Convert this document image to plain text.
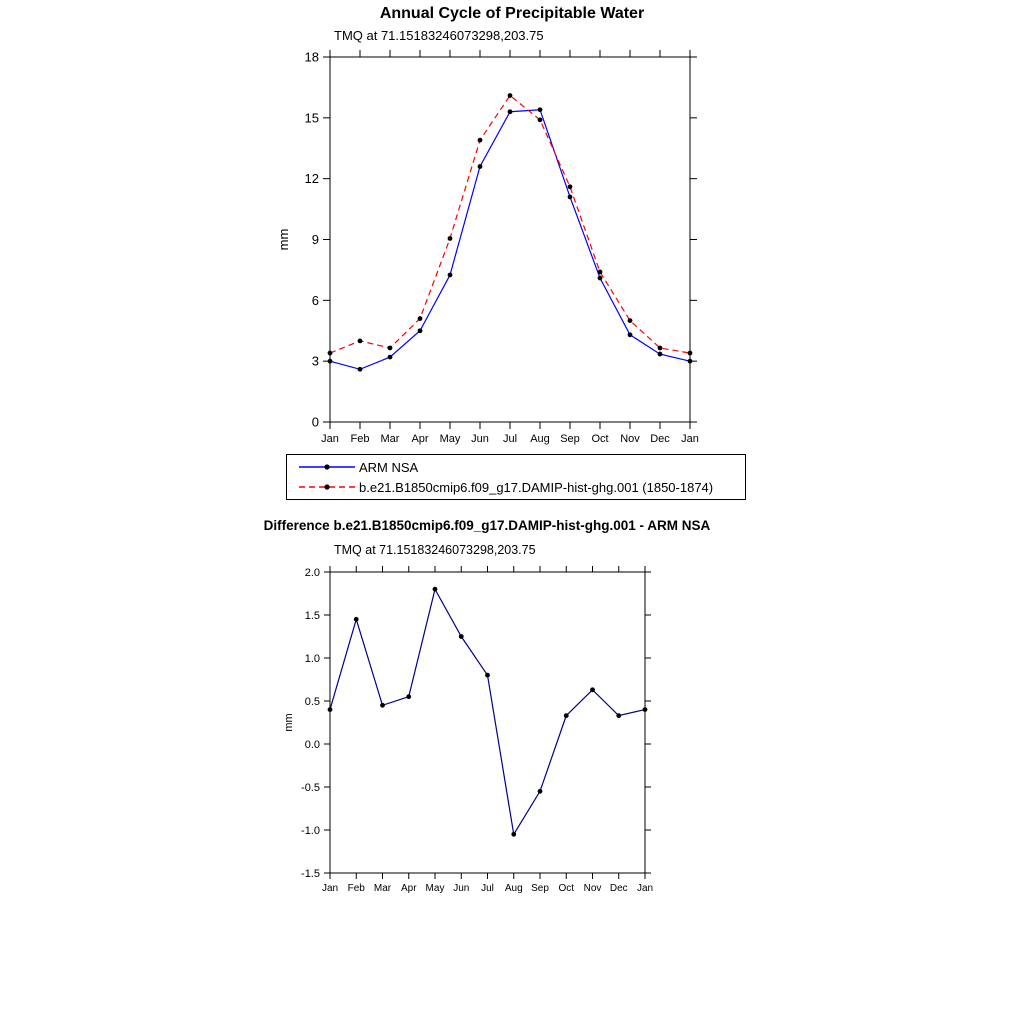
Annual Cycle of Precipitable Water
TMQ at 71.15183246073298,203.75
0
3
6
9
12
15
18
Jan Feb Mar Apr May Jun Jul Aug Sep Oct Nov Dec Jan
mm
ARM NSA
b.e21.B1850cmip6.f09_g17.DAMIP-hist-ghg.001 (1850-1874)
Difference b.e21.B1850cmip6.f09_g17.DAMIP-hist-ghg.001 - ARM NSA
TMQ at 71.15183246073298,203.75
-1.5
-1.0
-0.5
0.0
0.5
1.0
1.5
2.0
Jan Feb Mar Apr May Jun Jul Aug Sep Oct Nov Dec Jan
mm
